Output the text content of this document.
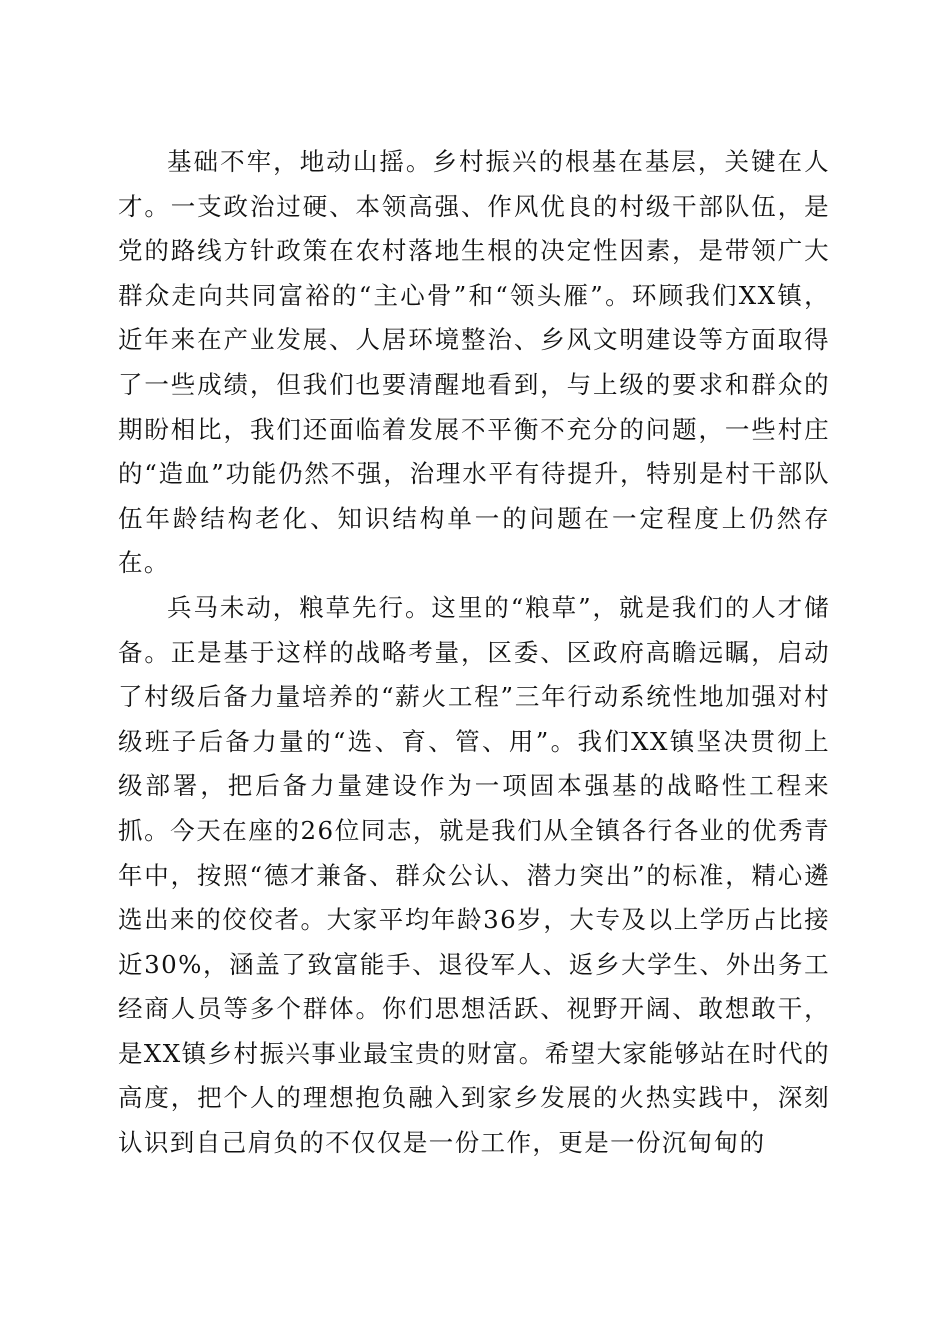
基础不牢，地动山摇。乡村振兴的根基在基层，关键在人才。一支政治过硬、本领高强、作风优良的村级干部队伍，是党的路线方针政策在农村落地生根的决定性因素，是带领广大群众走向共同富裕的“主心骨”和“领头雁”。环顾我们XX镇，近年来在产业发展、人居环境整治、乡风文明建设等方面取得了一些成绩，但我们也要清醒地看到，与上级的要求和群众的期盼相比，我们还面临着发展不平衡不充分的问题，一些村庄的“造血”功能仍然不强，治理水平有待提升，特别是村干部队伍年龄结构老化、知识结构单一的问题在一定程度上仍然存在。

兵马未动，粮草先行。这里的“粮草”，就是我们的人才储备。正是基于这样的战略考量，区委、区政府高瞻远瞩，启动了村级后备力量培养的“薪火工程”三年行动系统性地加强对村级班子后备力量的“选、育、管、用”。我们XX镇坚决贯彻上级部署，把后备力量建设作为一项固本强基的战略性工程来抓。今天在座的26位同志，就是我们从全镇各行各业的优秀青年中，按照“德才兼备、群众公认、潜力突出”的标准，精心遴选出来的佼佼者。大家平均年龄36岁，大专及以上学历占比接近30%，涵盖了致富能手、退役军人、返乡大学生、外出务工经商人员等多个群体。你们思想活跃、视野开阔、敢想敢干，是XX镇乡村振兴事业最宝贵的财富。希望大家能够站在时代的高度，把个人的理想抱负融入到家乡发展的火热实践中，深刻认识到自己肩负的不仅仅是一份工作，更是一份沉甸甸的
